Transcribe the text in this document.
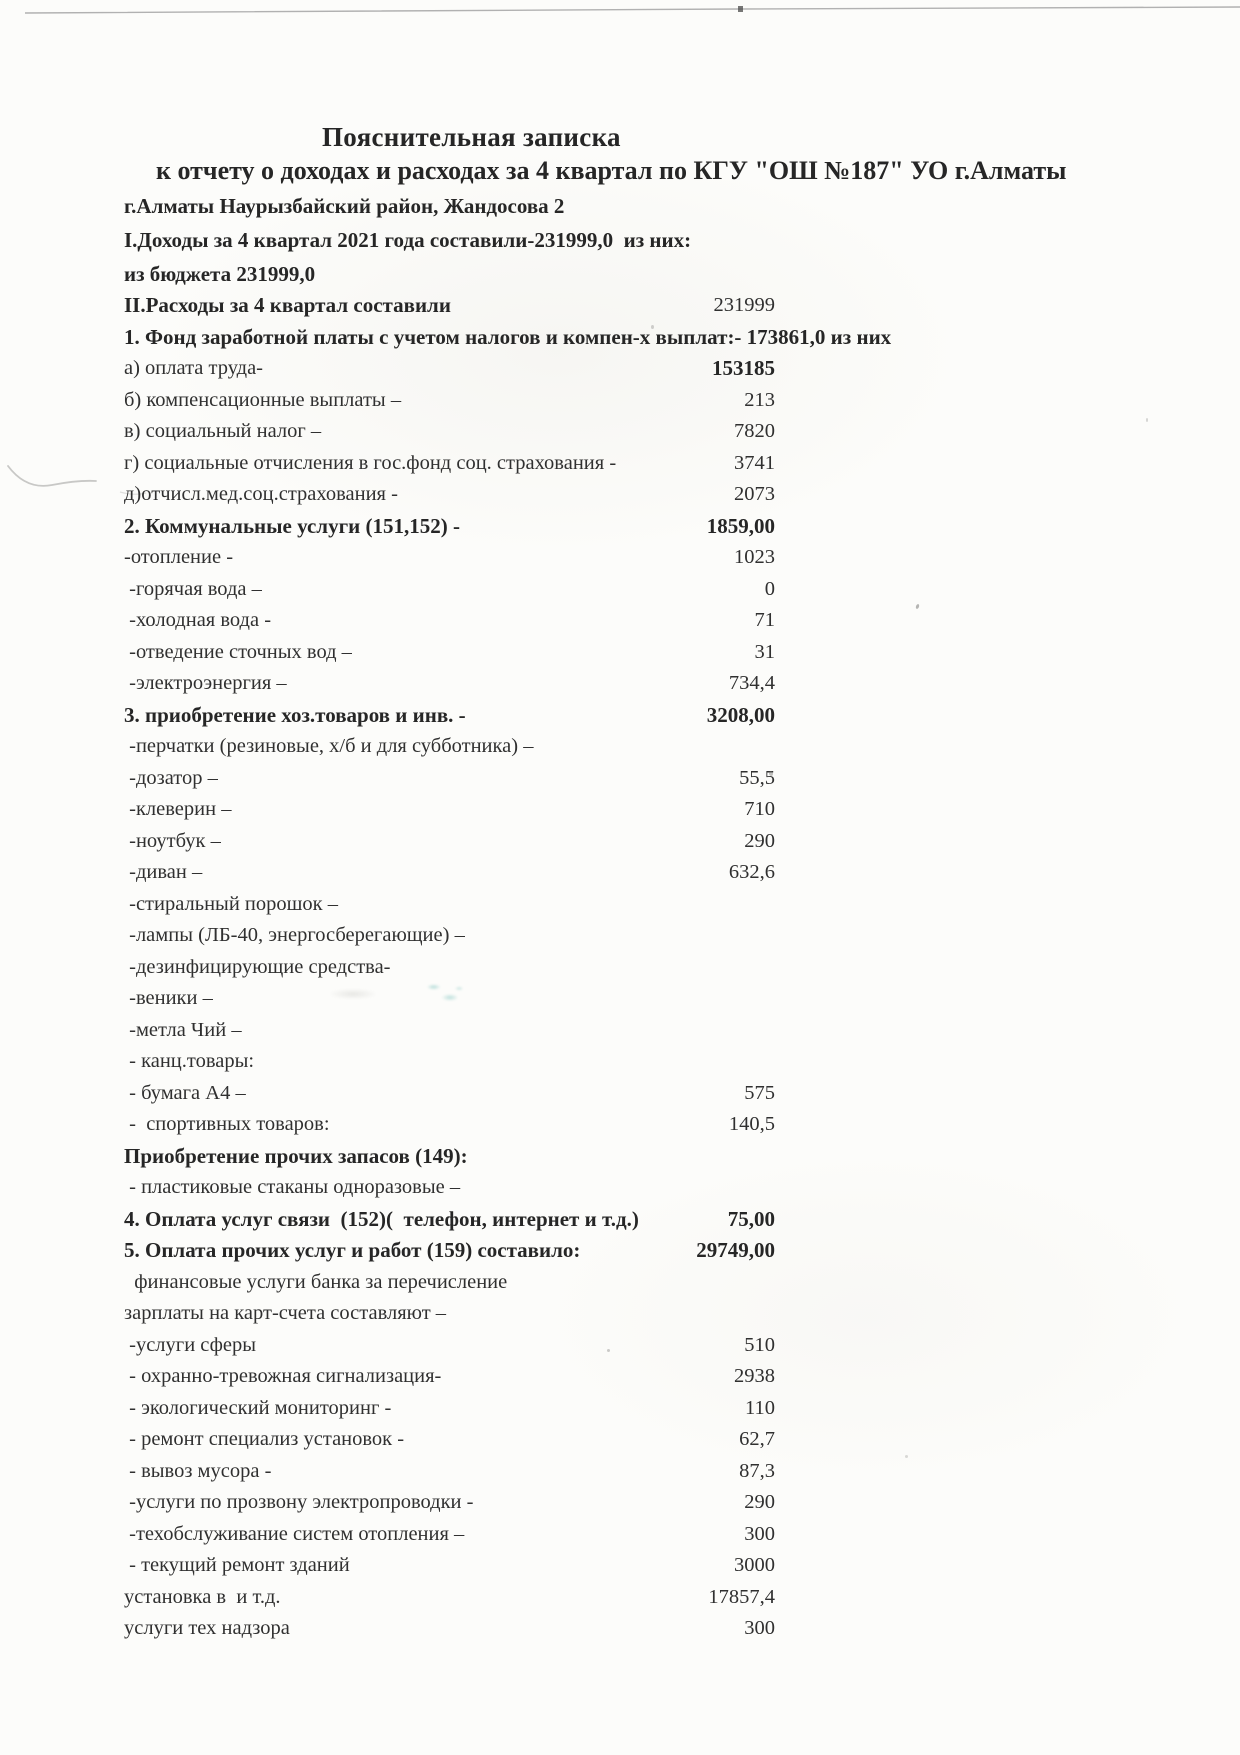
Пояснительная записка
к отчету о доходах и расходах за 4 квартал по КГУ "ОШ №187" УО г.Алматы
г.Алматы Наурызбайский район, Жандосова 2
I.Доходы за 4 квартал 2021 года составили-231999,0  из них:
из бюджета 231999,0
II.Расходы за 4 квартал составили	231999
1. Фонд заработной платы с учетом налогов и компен-х выплат:- 173861,0 из них
а) оплата труда-	153185
б) компенсационные выплаты –	213
в) социальный налог –	7820
г) социальные отчисления в гос.фонд соц. страхования -	3741
д)отчисл.мед.соц.страхования -	2073
2. Коммунальные услуги (151,152) -	1859,00
-отопление -	1023
-горячая вода –	0
-холодная вода -	71
-отведение сточных вод –	31
-электроэнергия –	734,4
3. приобретение хоз.товаров и инв. -	3208,00
-перчатки (резиновые, х/б и для субботника) –
-дозатор –	55,5
-клеверин –	710
-ноутбук –	290
-диван –	632,6
-стиральный порошок –
-лампы (ЛБ-40, энергосберегающие) –
-дезинфицирующие средства-
-веники –
-метла Чий –
- канц.товары:
- бумага А4 –	575
-  спортивных товаров:	140,5
Приобретение прочих запасов (149):
- пластиковые стаканы одноразовые –
4. Оплата услуг связи  (152)(  телефон, интернет и т.д.)	75,00
5. Оплата прочих услуг и работ (159) составило:	29749,00
финансовые услуги банка за перечисление
зарплаты на карт-счета составляют –
-услуги сферы	510
- охранно-тревожная сигнализация-	2938
- экологический мониторинг -	110
- ремонт специализ установок -	62,7
- вывоз мусора -	87,3
-услуги по прозвону электропроводки -	290
-техобслуживание систем отопления –	300
- текущий ремонт зданий	3000
установка в  и т.д.	17857,4
услуги тех надзора	300
